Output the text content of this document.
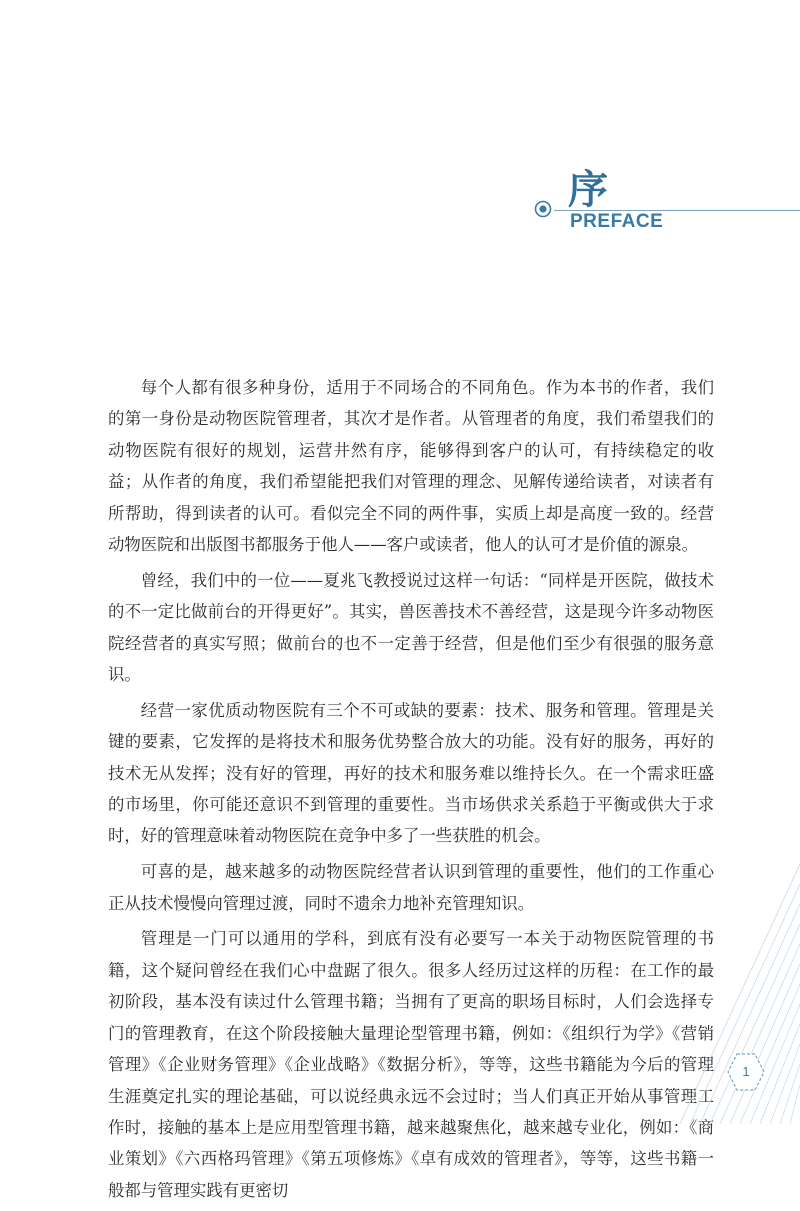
序
PREFACE

每个人都有很多种身份，适用于不同场合的不同角色。作为本书的作者，我们的第一身份是动物医院管理者，其次才是作者。从管理者的角度，我们希望我们的动物医院有很好的规划，运营井然有序，能够得到客户的认可，有持续稳定的收益；从作者的角度，我们希望能把我们对管理的理念、见解传递给读者，对读者有所帮助，得到读者的认可。看似完全不同的两件事，实质上却是高度一致的。经营动物医院和出版图书都服务于他人——客户或读者，他人的认可才是价值的源泉。

曾经，我们中的一位——夏兆飞教授说过这样一句话：“同样是开医院，做技术的不一定比做前台的开得更好”。其实，兽医善技术不善经营，这是现今许多动物医院经营者的真实写照；做前台的也不一定善于经营，但是他们至少有很强的服务意识。

经营一家优质动物医院有三个不可或缺的要素：技术、服务和管理。管理是关键的要素，它发挥的是将技术和服务优势整合放大的功能。没有好的服务，再好的技术无从发挥；没有好的管理，再好的技术和服务难以维持长久。在一个需求旺盛的市场里，你可能还意识不到管理的重要性。当市场供求关系趋于平衡或供大于求时，好的管理意味着动物医院在竞争中多了一些获胜的机会。

可喜的是，越来越多的动物医院经营者认识到管理的重要性，他们的工作重心正从技术慢慢向管理过渡，同时不遗余力地补充管理知识。

管理是一门可以通用的学科，到底有没有必要写一本关于动物医院管理的书籍，这个疑问曾经在我们心中盘踞了很久。很多人经历过这样的历程：在工作的最初阶段，基本没有读过什么管理书籍；当拥有了更高的职场目标时，人们会选择专门的管理教育，在这个阶段接触大量理论型管理书籍，例如：《组织行为学》《营销管理》《企业财务管理》《企业战略》《数据分析》，等等，这些书籍能为今后的管理生涯奠定扎实的理论基础，可以说经典永远不会过时；当人们真正开始从事管理工作时，接触的基本上是应用型管理书籍，越来越聚焦化，越来越专业化，例如：《商业策划》《六西格玛管理》《第五项修炼》《卓有成效的管理者》，等等，这些书籍一般都与管理实践有更密切

1
